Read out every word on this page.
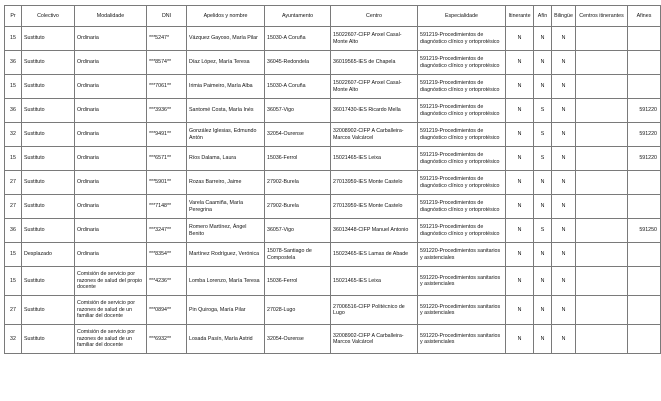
Pr	Colectivo	Modalidade	DNI	Apelidos y nombre	Ayuntamento	Centro	Especialidade	Itinerante	Afín	Bilingüe	Centros itinerantes	Afines
15	Sustituto	Ordinaria	***5247*	Vázquez Gayoso, María Pilar	15030-A Coruña	15022607-CIFP Anxel Casal-Monte Alto	591219-Procedimientos de diagnóstico clínico y ortoprotésico	N	N	N		
36	Sustituto	Ordinaria	***8574**	Díaz López, María Teresa	36045-Redondela	36019565-IES de Chapela	591219-Procedimientos de diagnóstico clínico y ortoprotésico	N	N	N		
15	Sustituto	Ordinaria	***7061**	Irimia Paimeiro, María Alba	15030-A Coruña	15022607-CIFP Anxel Casal-Monte Alto	591219-Procedimientos de diagnóstico clínico y ortoprotésico	N	N	N		
36	Sustituto	Ordinaria	***3936**	Santomé Costa, María Inés	36057-Vigo	36017430-IES Ricardo Mella	591219-Procedimientos de diagnóstico clínico y ortoprotésico	N	S	N		591220
32	Sustituto	Ordinaria	***9491**	González Iglesias, Edmundo Antón	32054-Ourense	32008902-CIFP A Carballeira-Marcos Valcárcel	591219-Procedimientos de diagnóstico clínico y ortoprotésico	N	S	N		591220
15	Sustituto	Ordinaria	***6571**	Ríos Dalama, Laura	15036-Ferrol	15021465-IES Leixa	591219-Procedimientos de diagnóstico clínico y ortoprotésico	N	S	N		591220
27	Sustituto	Ordinaria	***5901**	Rozas Barreiro, Jaime	27902-Burela	27013959-IES Monte Castelo	591219-Procedimientos de diagnóstico clínico y ortoprotésico	N	N	N		
27	Sustituto	Ordinaria	***7148**	Varela Caamiña, María Peregrina	27902-Burela	27013959-IES Monte Castelo	591219-Procedimientos de diagnóstico clínico y ortoprotésico	N	N	N		
36	Sustituto	Ordinaria	***3247**	Romero Martínez, Ángel Benito	36057-Vigo	36013448-CIFP Manuel Antonio	591219-Procedimientos de diagnóstico clínico y ortoprotésico	N	S	N		591250
15	Desplazado	Ordinaria	***8354**	Martínez Rodríguez, Verónica	15078-Santiago de Compostela	15023465-IES Lamas de Abade	591220-Procedimientos sanitarios y asistenciales	N	N	N		
15	Sustituto	Comisión de servicio por razones de salud del propio docente	***4236**	Lomba Lorenzo, María Teresa	15036-Ferrol	15021465-IES Leixa	591220-Procedimientos sanitarios y asistenciales	N	N	N		
27	Sustituto	Comisión de servicio por razones de salud de un familiar del docente	***0894**	Pin Quiroga, María Pilar	27028-Lugo	27006516-CIFP Politécnico de Lugo	591220-Procedimientos sanitarios y asistenciales	N	N	N		
32	Sustituto	Comisión de servicio por razones de salud de un familiar del docente	***6932**	Losada Pasín, María Astrid	32054-Ourense	32008902-CIFP A Carballeira-Marcos Valcárcel	591220-Procedimientos sanitarios y asistenciales	N	N	N		
